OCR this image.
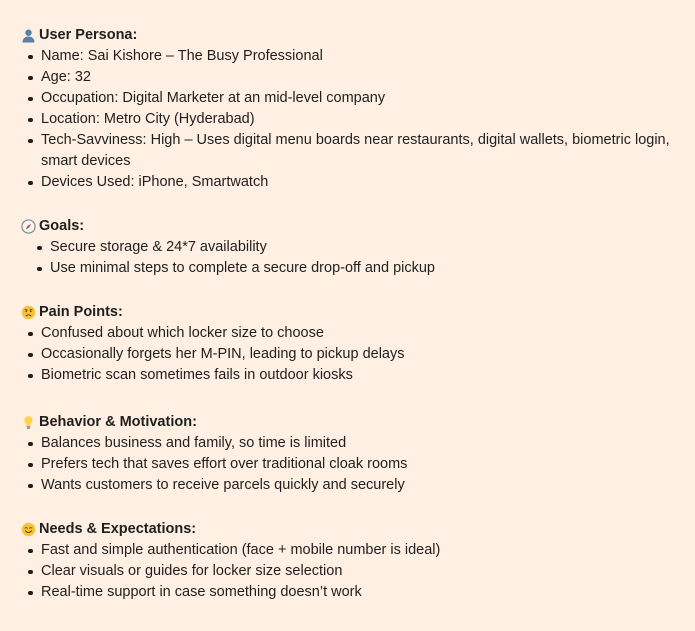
User Persona:
Name: Sai Kishore – The Busy Professional
Age: 32
Occupation: Digital Marketer at an mid-level company
Location: Metro City (Hyderabad)
Tech-Savviness: High – Uses digital menu boards near restaurants, digital wallets, biometric login, smart devices
Devices Used: iPhone, Smartwatch
Goals:
Secure storage & 24*7 availability
Use minimal steps to complete a secure drop-off and pickup
Pain Points:
Confused about which locker size to choose
Occasionally forgets her M-PIN, leading to pickup delays
Biometric scan sometimes fails in outdoor kiosks
Behavior & Motivation:
Balances business and family, so time is limited
Prefers tech that saves effort over traditional cloak rooms
Wants customers to receive parcels quickly and securely
Needs & Expectations:
Fast and simple authentication (face + mobile number is ideal)
Clear visuals or guides for locker size selection
Real-time support in case something doesn’t work
